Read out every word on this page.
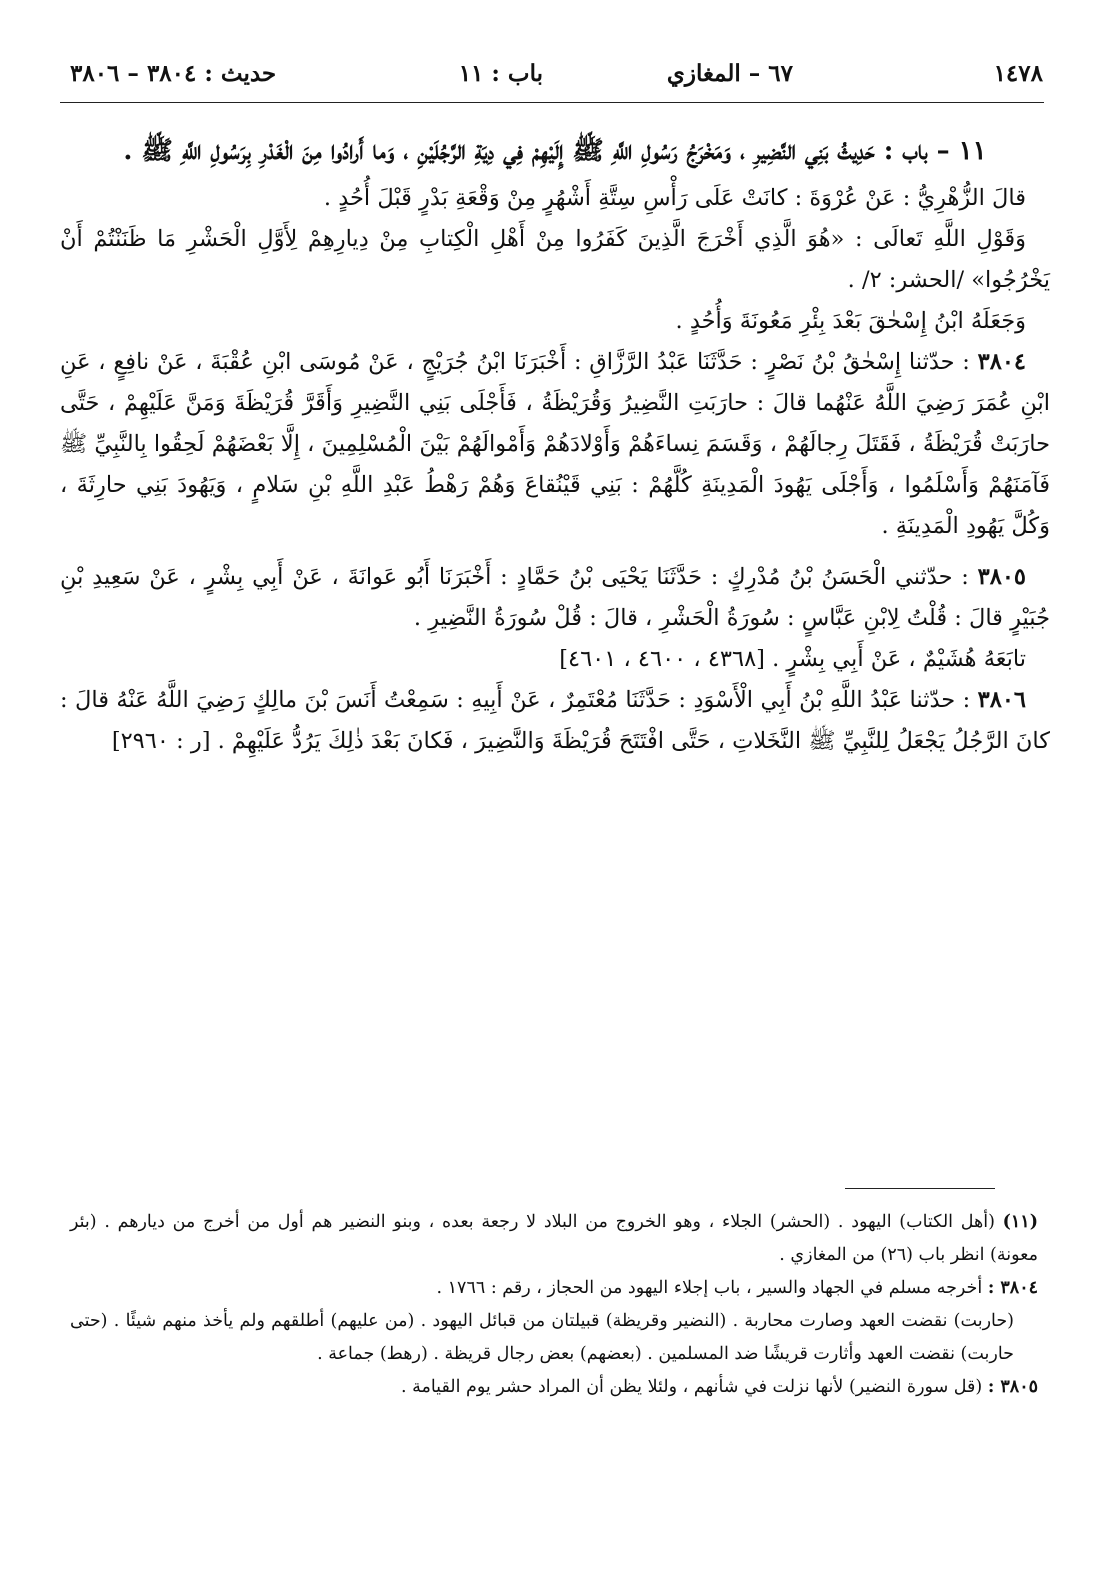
١٤٧٨
٦٧ – المغازي
باب : ١١
حديث : ٣٨٠٤ – ٣٨٠٦

١١ – باب : حَدِيثُ بَنِي النَّضِيرِ ، وَمَخْرَجُ رَسُولِ اللَّهِ ﷺ إِلَيْهِمْ فِي دِيَةِ الرَّجُلَيْنِ ، وَما أَرادُوا مِنَ الْغَدْرِ بِرَسُولِ اللَّهِ ﷺ .

قالَ الزُّهْرِيُّ : عَنْ عُرْوَةَ : كانَتْ عَلَى رَأْسِ سِتَّةِ أَشْهُرٍ مِنْ وَقْعَةِ بَدْرٍ قَبْلَ أُحُدٍ .

وَقَوْلِ اللَّهِ تَعالَى : «هُوَ الَّذِي أَخْرَجَ الَّذِينَ كَفَرُوا مِنْ أَهْلِ الْكِتابِ مِنْ دِيارِهِمْ لِأَوَّلِ الْحَشْرِ مَا ظَنَنْتُمْ أَنْ يَخْرُجُوا» /الحشر: ٢/ .

وَجَعَلَهُ ابْنُ إِسْحٰقَ بَعْدَ بِئْرِ مَعُونَةَ وَأُحُدٍ .

٣٨٠٤ : حدّثنا إِسْحٰقُ بْنُ نَصْرٍ : حَدَّثَنَا عَبْدُ الرَّزَّاقِ : أَخْبَرَنَا ابْنُ جُرَيْجٍ ، عَنْ مُوسَى ابْنِ عُقْبَةَ ، عَنْ نافِعٍ ، عَنِ ابْنِ عُمَرَ رَضِيَ اللَّهُ عَنْهُما قالَ : حارَبَتِ النَّضِيرُ وَقُرَيْظَةُ ، فَأَجْلَى بَنِي النَّضِيرِ وَأَقَرَّ قُرَيْظَةَ وَمَنَّ عَلَيْهِمْ ، حَتَّى حارَبَتْ قُرَيْظَةُ ، فَقَتَلَ رِجالَهُمْ ، وَقَسَمَ نِساءَهُمْ وَأَوْلادَهُمْ وَأَمْوالَهُمْ بَيْنَ الْمُسْلِمِينَ ، إِلَّا بَعْضَهُمْ لَحِقُوا بِالنَّبِيِّ ﷺ فَآمَنَهُمْ وَأَسْلَمُوا ، وَأَجْلَى يَهُودَ الْمَدِينَةِ كُلَّهُمْ : بَنِي قَيْنُقاعَ وَهُمْ رَهْطُ عَبْدِ اللَّهِ بْنِ سَلامٍ ، وَيَهُودَ بَنِي حارِثَةَ ، وَكُلَّ يَهُودِ الْمَدِينَةِ .

٣٨٠٥ : حدّثني الْحَسَنُ بْنُ مُدْرِكٍ : حَدَّثَنَا يَحْيَى بْنُ حَمَّادٍ : أَخْبَرَنَا أَبُو عَوانَةَ ، عَنْ أَبِي بِشْرٍ ، عَنْ سَعِيدِ بْنِ جُبَيْرٍ قالَ : قُلْتُ لِابْنِ عَبَّاسٍ : سُورَةُ الْحَشْرِ ، قالَ : قُلْ سُورَةُ النَّضِيرِ .

تابَعَهُ هُشَيْمٌ ، عَنْ أَبِي بِشْرٍ . [٤٣٦٨ ، ٤٦٠٠ ، ٤٦٠١]

٣٨٠٦ : حدّثنا عَبْدُ اللَّهِ بْنُ أَبِي الْأَسْوَدِ : حَدَّثَنَا مُعْتَمِرٌ ، عَنْ أَبِيهِ : سَمِعْتُ أَنَسَ بْنَ مالِكٍ رَضِيَ اللَّهُ عَنْهُ قالَ : كانَ الرَّجُلُ يَجْعَلُ لِلنَّبِيِّ ﷺ النَّخَلاتِ ، حَتَّى افْتَتَحَ قُرَيْظَةَ وَالنَّضِيرَ ، فَكانَ بَعْدَ ذٰلِكَ يَرُدُّ عَلَيْهِمْ . [ر : ٢٩٦٠]

(١١) (أهل الكتاب) اليهود . (الحشر) الجلاء ، وهو الخروج من البلاد لا رجعة بعده ، وبنو النضير هم أول من أخرج من ديارهم . (بئر معونة) انظر باب (٢٦) من المغازي .

٣٨٠٤ : أخرجه مسلم في الجهاد والسير ، باب إجلاء اليهود من الحجاز ، رقم : ١٧٦٦ .

(حاربت) نقضت العهد وصارت محاربة . (النضير وقريظة) قبيلتان من قبائل اليهود . (من عليهم) أطلقهم ولم يأخذ منهم شيئًا . (حتى حاربت) نقضت العهد وأثارت قريشًا ضد المسلمين . (بعضهم) بعض رجال قريظة . (رهط) جماعة .

٣٨٠٥ : (قل سورة النضير) لأنها نزلت في شأنهم ، ولئلا يظن أن المراد حشر يوم القيامة .
